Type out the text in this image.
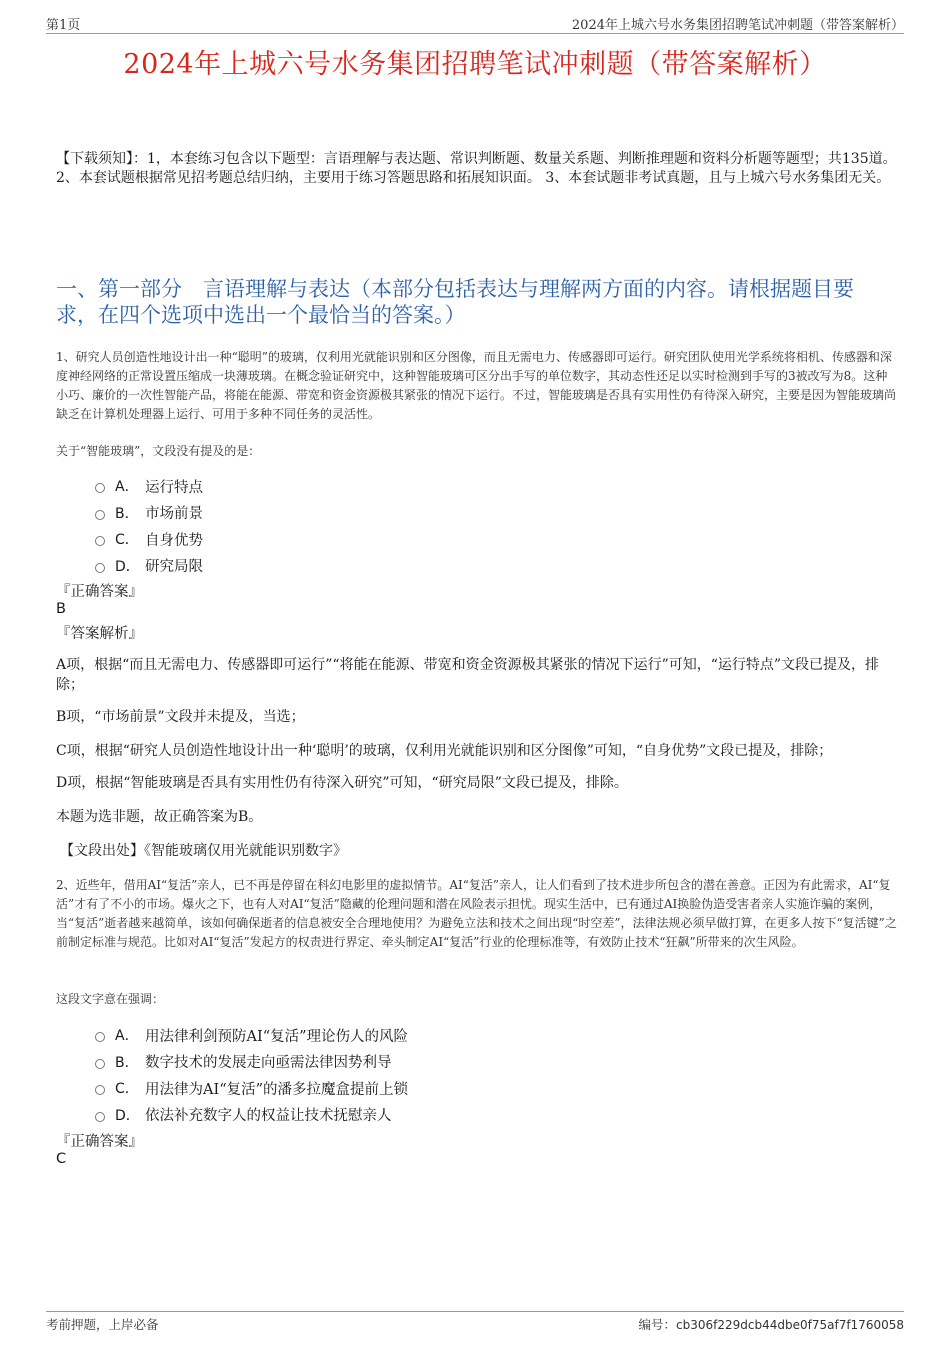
第1页	2024年上城六号水务集团招聘笔试冲刺题（带答案解析）
2024年上城六号水务集团招聘笔试冲刺题（带答案解析）
【下载须知】：1，本套练习包含以下题型：言语理解与表达题、常识判断题、数量关系题、判断推理题和资料分析题等题型；共135道。 2、本套试题根据常见招考题总结归纳，主要用于练习答题思路和拓展知识面。 3、本套试题非考试真题，且与上城六号水务集团无关。
一、第一部分　言语理解与表达（本部分包括表达与理解两方面的内容。请根据题目要求，在四个选项中选出一个最恰当的答案。）
1、研究人员创造性地设计出一种“聪明”的玻璃，仅利用光就能识别和区分图像，而且无需电力、传感器即可运行。研究团队使用光学系统将相机、传感器和深度神经网络的正常设置压缩成一块薄玻璃。在概念验证研究中，这种智能玻璃可区分出手写的单位数字，其动态性还足以实时检测到手写的3被改写为8。这种小巧、廉价的一次性智能产品，将能在能源、带宽和资金资源极其紧张的情况下运行。不过，智能玻璃是否具有实用性仍有待深入研究，主要是因为智能玻璃尚缺乏在计算机处理器上运行、可用于多种不同任务的灵活性。
关于“智能玻璃”，文段没有提及的是：
A． 运行特点
B． 市场前景
C． 自身优势
D． 研究局限
『正确答案』
B
『答案解析』
A项，根据“而且无需电力、传感器即可运行”“将能在能源、带宽和资金资源极其紧张的情况下运行”可知，“运行特点”文段已提及，排除；
B项，“市场前景”文段并未提及，当选；
C项，根据“研究人员创造性地设计出一种‘聪明’的玻璃，仅利用光就能识别和区分图像”可知，“自身优势”文段已提及，排除；
D项，根据“智能玻璃是否具有实用性仍有待深入研究”可知，“研究局限”文段已提及，排除。
本题为选非题，故正确答案为B。
【文段出处】《智能玻璃仅用光就能识别数字》
2、近些年，借用AI“复活”亲人，已不再是停留在科幻电影里的虚拟情节。AI“复活”亲人，让人们看到了技术进步所包含的潜在善意。正因为有此需求，AI“复活”才有了不小的市场。爆火之下，也有人对AI“复活”隐藏的伦理问题和潜在风险表示担忧。现实生活中，已有通过AI换脸伪造受害者亲人实施诈骗的案例，当“复活”逝者越来越简单，该如何确保逝者的信息被安全合理地使用？为避免立法和技术之间出现“时空差”，法律法规必须早做打算，在更多人按下“复活键”之前制定标准与规范。比如对AI“复活”发起方的权责进行界定、牵头制定AI“复活”行业的伦理标准等，有效防止技术“狂飙”所带来的次生风险。
这段文字意在强调：
A． 用法律利剑预防AI“复活”理论伤人的风险
B． 数字技术的发展走向亟需法律因势利导
C． 用法律为AI“复活”的潘多拉魔盒提前上锁
D． 依法补充数字人的权益让技术抚慰亲人
『正确答案』
C
考前押题，上岸必备	编号：cb306f229dcb44dbe0f75af7f1760058
